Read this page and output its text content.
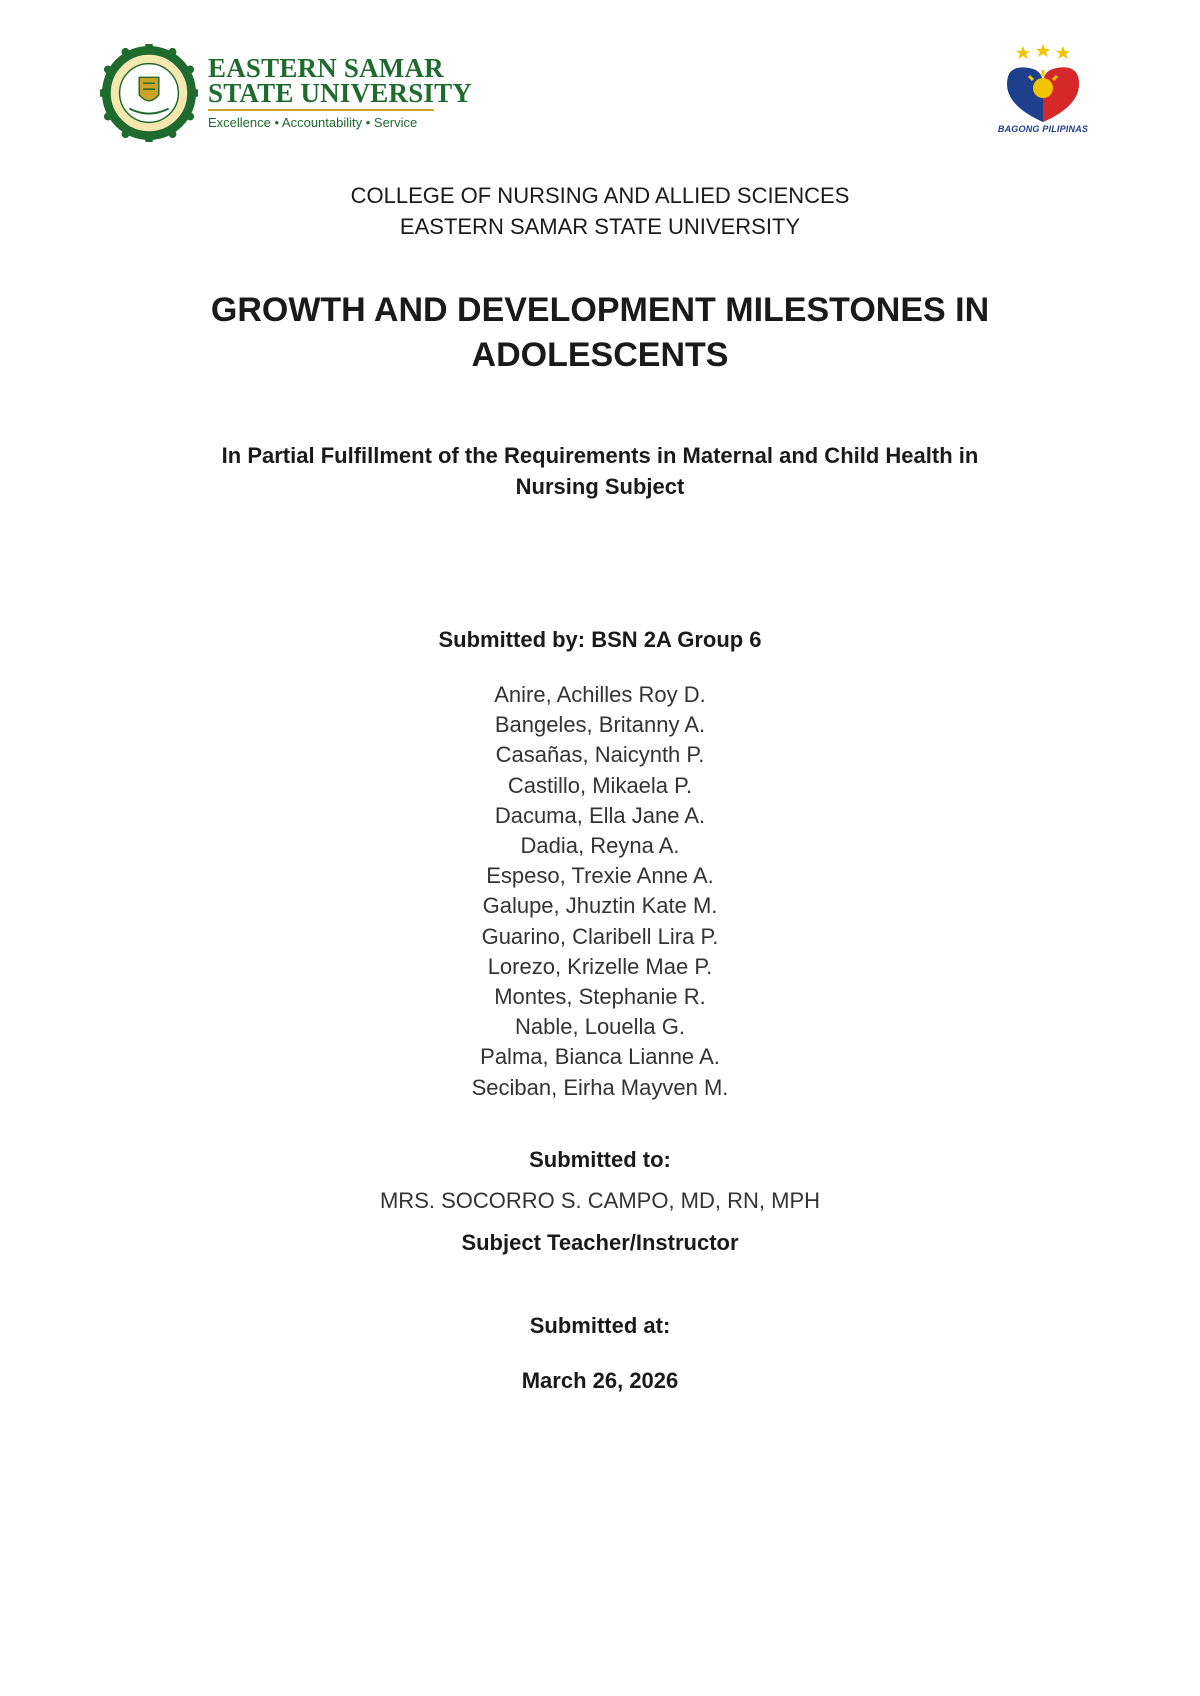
EASTERN SAMAR
STATE UNIVERSITY
Excellence • Accountability • Service	BAGONG PILIPINAS
COLLEGE OF NURSING AND ALLIED SCIENCES
EASTERN SAMAR STATE UNIVERSITY
GROWTH AND DEVELOPMENT MILESTONES IN
ADOLESCENTS
In Partial Fulfillment of the Requirements in Maternal and Child Health in
Nursing Subject
Submitted by: BSN 2A Group 6
Anire, Achilles Roy D.
Bangeles, Britanny A.
Casañas, Naicynth P.
Castillo, Mikaela P.
Dacuma, Ella Jane A.
Dadia, Reyna A.
Espeso, Trexie Anne A.
Galupe, Jhuztin Kate M.
Guarino, Claribell Lira P.
Lorezo, Krizelle Mae P.
Montes, Stephanie R.
Nable, Louella G.
Palma, Bianca Lianne A.
Seciban, Eirha Mayven M.
Submitted to:
MRS. SOCORRO S. CAMPO, MD, RN, MPH
Subject Teacher/Instructor
Submitted at:
March 26, 2026
